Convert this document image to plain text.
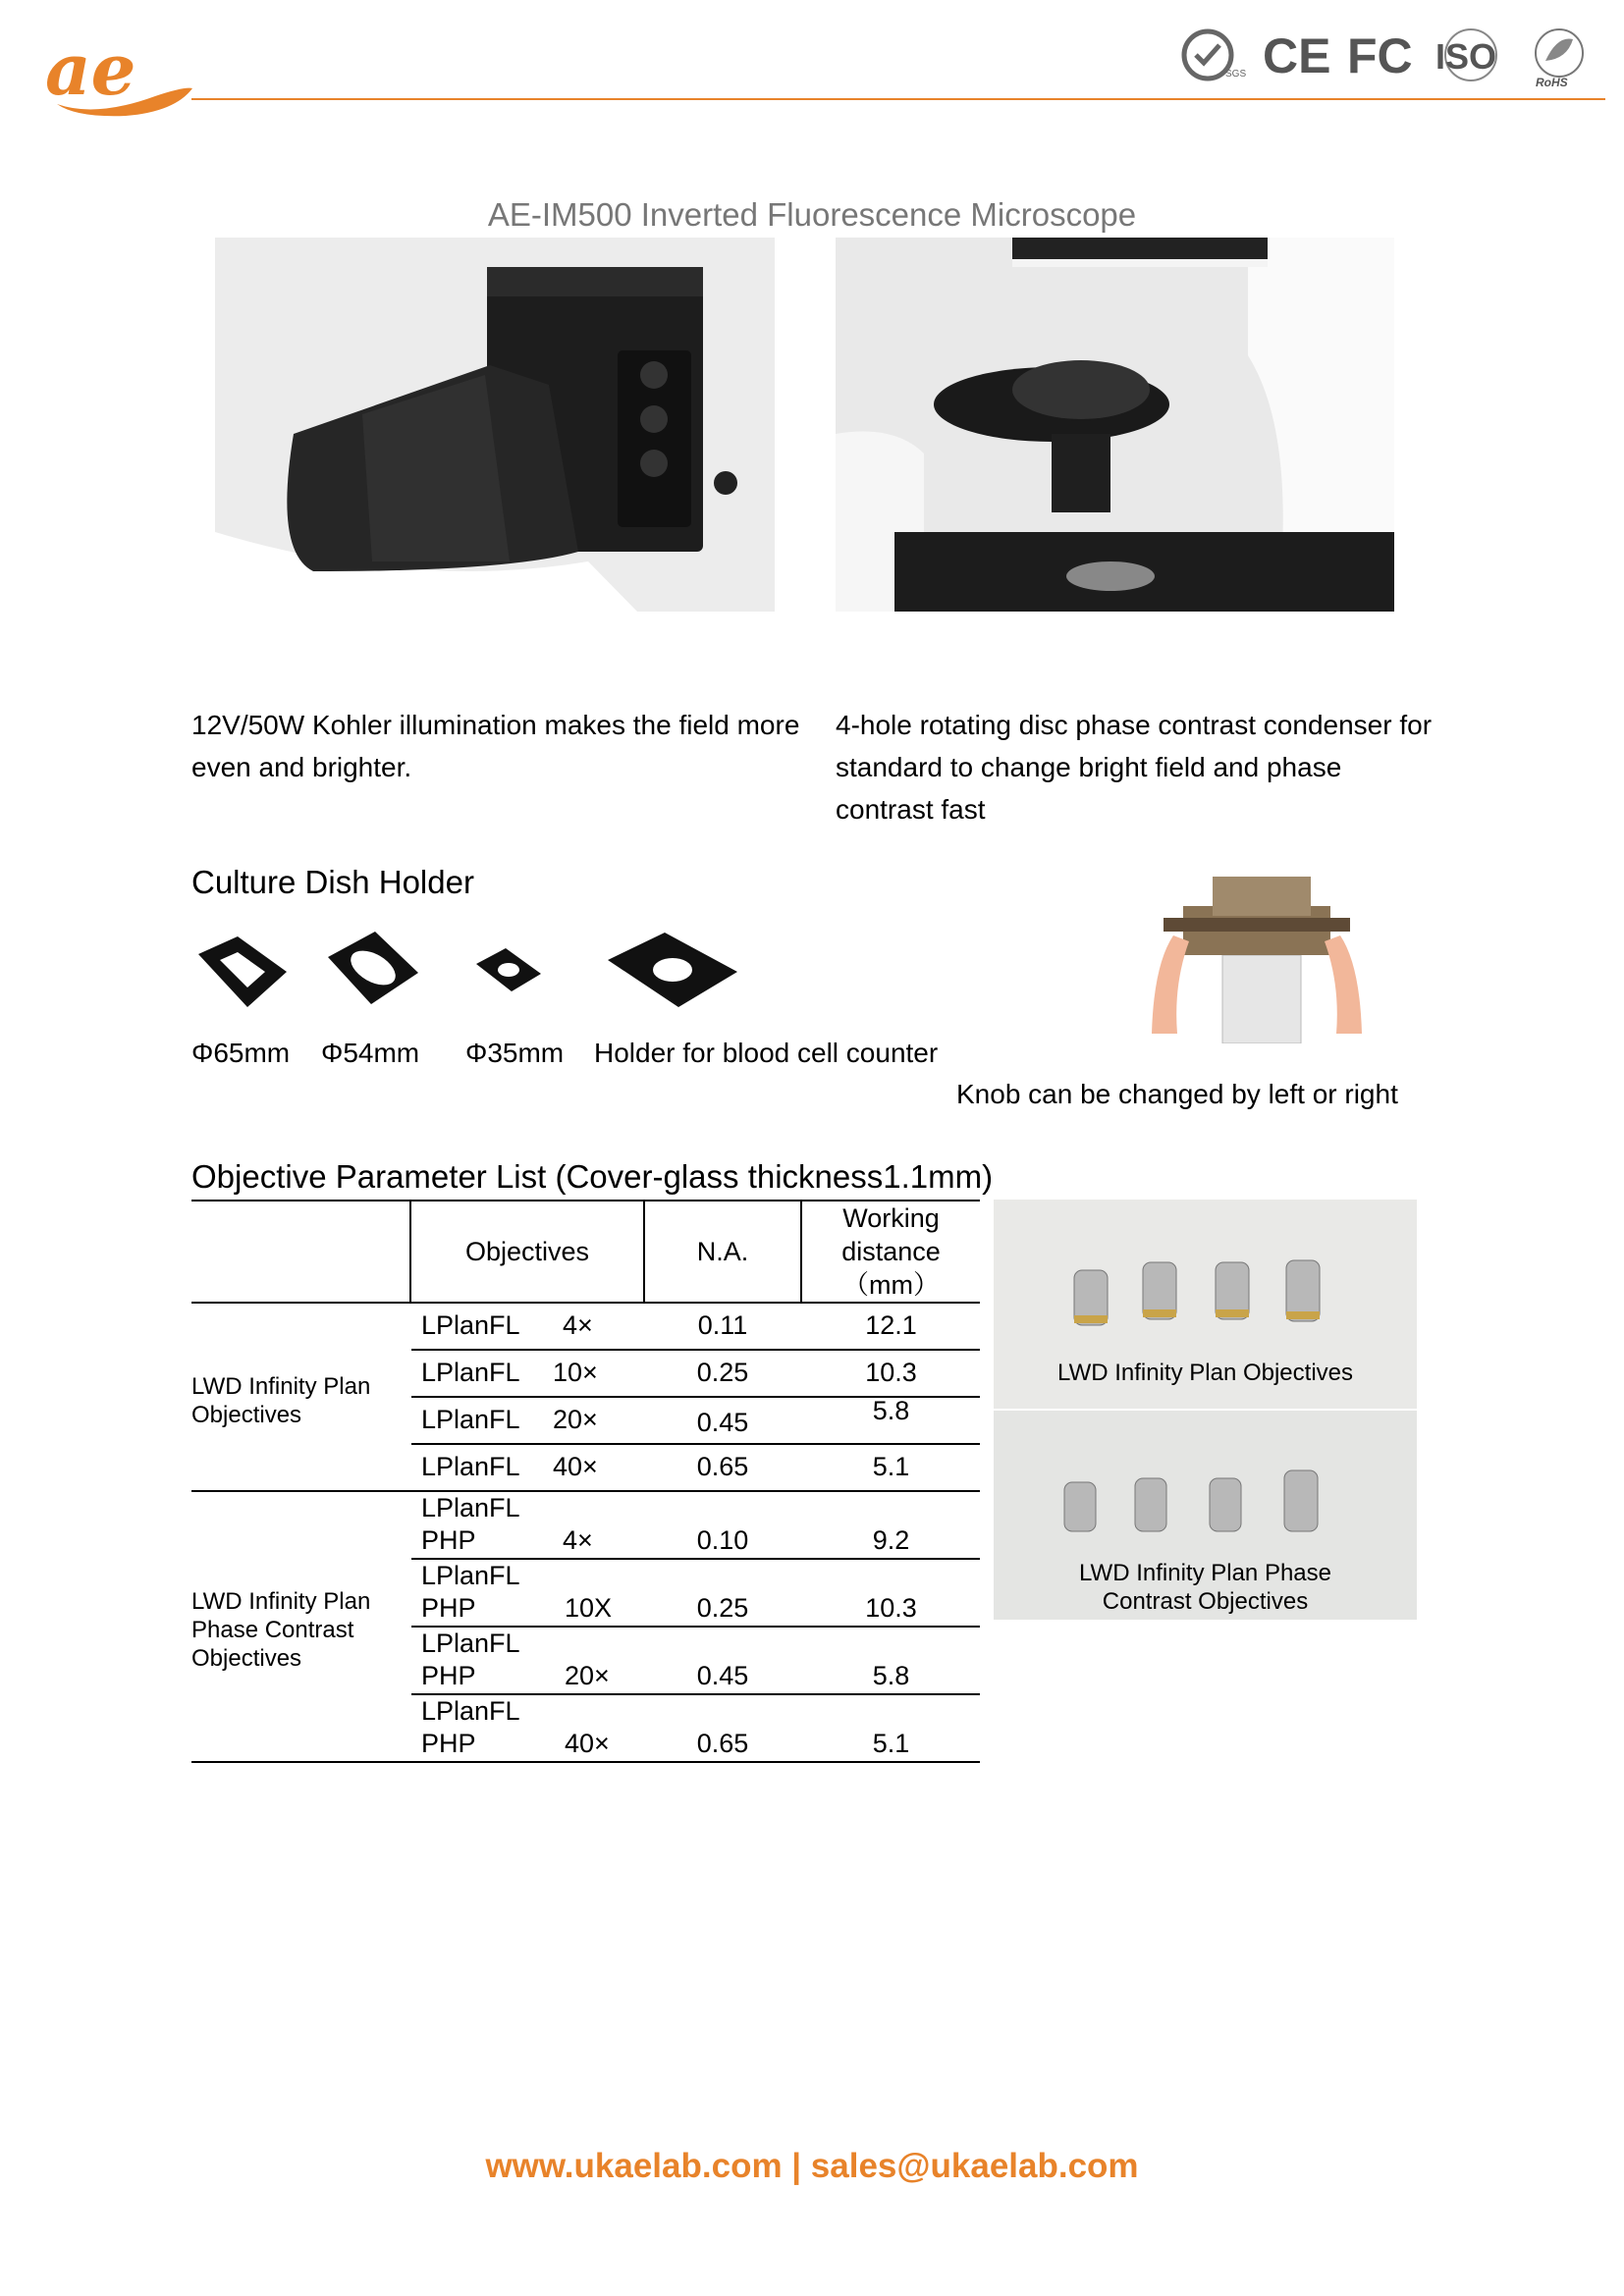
ae	SGS CE FC ISO
RoHS
AE-IM500 Inverted Fluorescence Microscope
12V/50W Kohler illumination makes the field more even and brighter.
4-hole rotating disc phase contrast condenser for standard to change bright field and phase contrast fast
Culture Dish Holder
Φ65mm Φ54mm Φ35mm Holder for blood cell counter
Knob can be changed by left or right
Objective Parameter List (Cover-glass thickness1.1mm)
Objectives	N.A.
Working
distance
（mm）
LWD Infinity Plan Objectives
LPlanFL 4×	0.11	12.1
LPlanFL 10×	0.25	10.3
LPlanFL 20×	0.45	5.8
LPlanFL 40×	0.65	5.1
LWD Infinity Plan Phase Contrast Objectives
LPlanFL
PHP	4×	0.10	9.2
LPlanFL
PHP	10X	0.25	10.3
LPlanFL
PHP	20×	0.45	5.8
LPlanFL
PHP	40×	0.65	5.1
LWD Infinity Plan Objectives
LWD Infinity Plan Phase
Contrast Objectives
www.ukaelab.com | sales@ukaelab.com
